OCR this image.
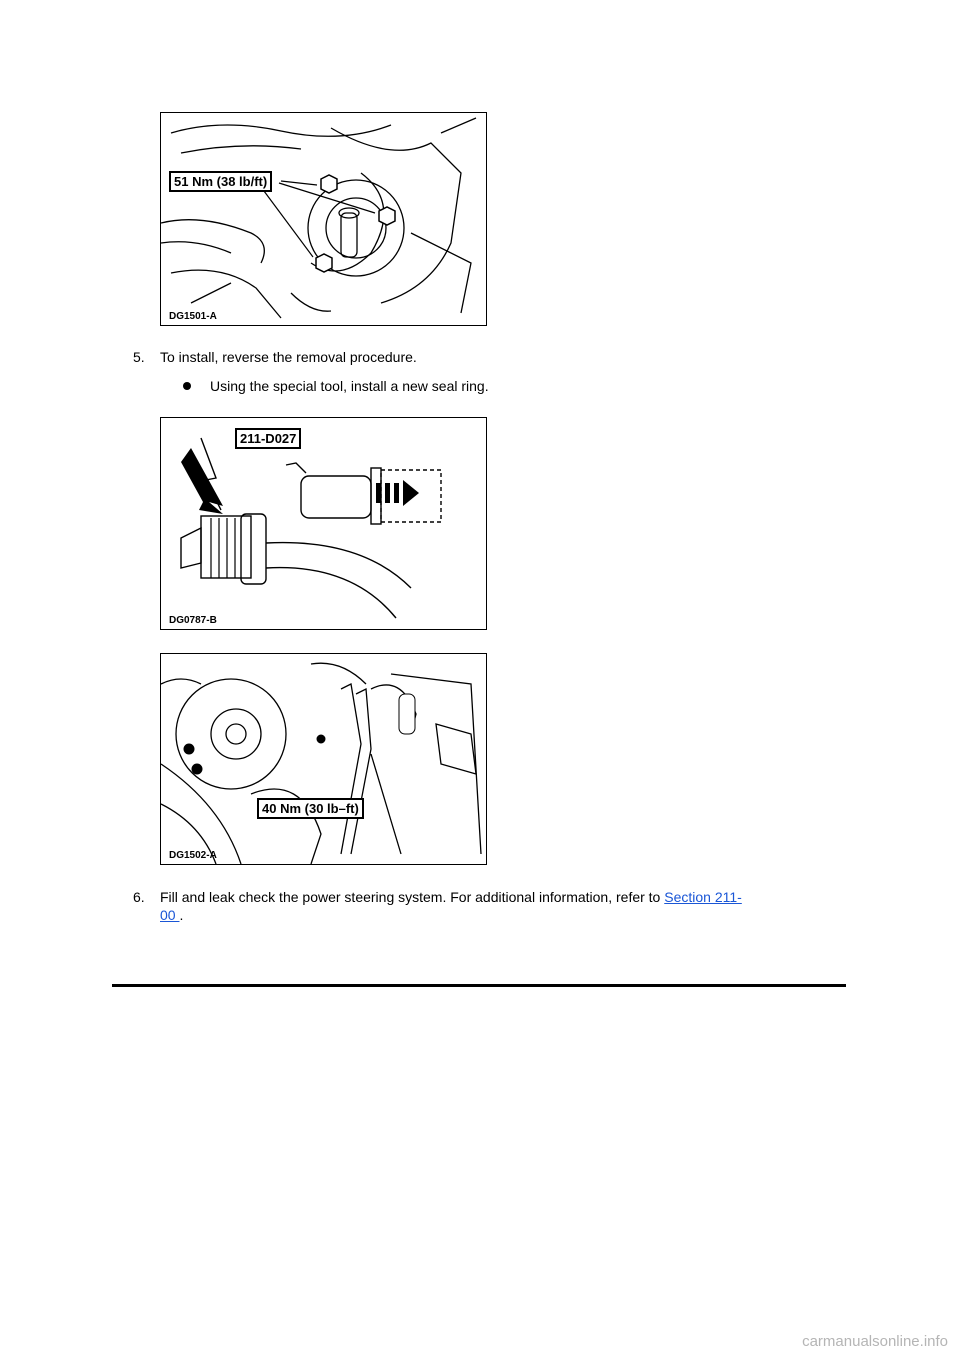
51 Nm (38 lb/ft)
DG1501-A
5. To install, reverse the removal procedure.
Using the special tool, install a new seal ring.
211-D027
DG0787-B
40 Nm (30 lb–ft)
DG1502-A
6. Fill and leak check the power steering system. For additional information, refer to Section 211-
00 .
carmanualsonline.info
